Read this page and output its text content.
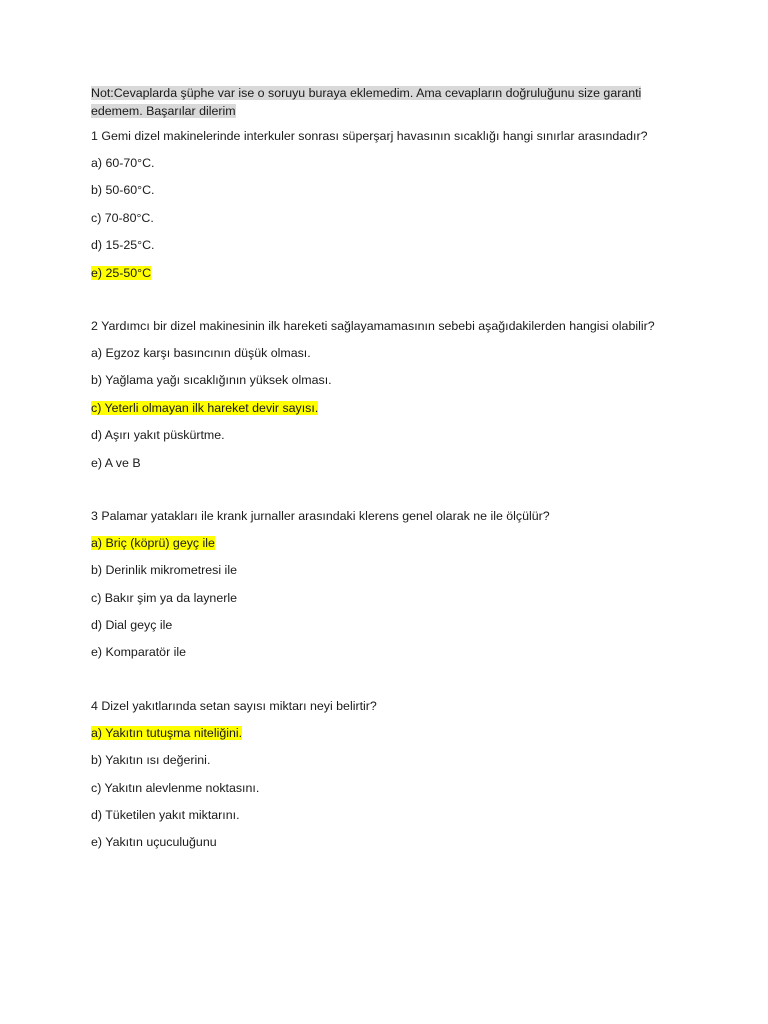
Not:Cevaplarda şüphe var ise o soruyu buraya eklemedim. Ama cevapların doğruluğunu size garanti edemem. Başarılar dilerim

1 Gemi dizel makinelerinde interkuler sonrası süperşarj havasının sıcaklığı hangi sınırlar arasındadır?

a) 60-70°C.

b) 50-60°C.

c) 70-80°C.

d) 15-25°C.

e) 25-50°C

2 Yardımcı bir dizel makinesinin ilk hareketi sağlayamamasının sebebi aşağıdakilerden hangisi olabilir?

a) Egzoz karşı basıncının düşük olması.

b) Yağlama yağı sıcaklığının yüksek olması.

c) Yeterli olmayan ilk hareket devir sayısı.

d) Aşırı yakıt püskürtme.

e) A ve B

3 Palamar yatakları ile krank jurnaller arasındaki klerens genel olarak ne ile ölçülür?

a) Briç (köprü) geyç ile

b) Derinlik mikrometresi ile

c) Bakır şim ya da laynerle

d) Dial geyç ile

e) Komparatör ile

4 Dizel yakıtlarında setan sayısı miktarı neyi belirtir?

a) Yakıtın tutuşma niteliğini.

b) Yakıtın ısı değerini.

c) Yakıtın alevlenme noktasını.

d) Tüketilen yakıt miktarını.

e) Yakıtın uçuculuğunu
